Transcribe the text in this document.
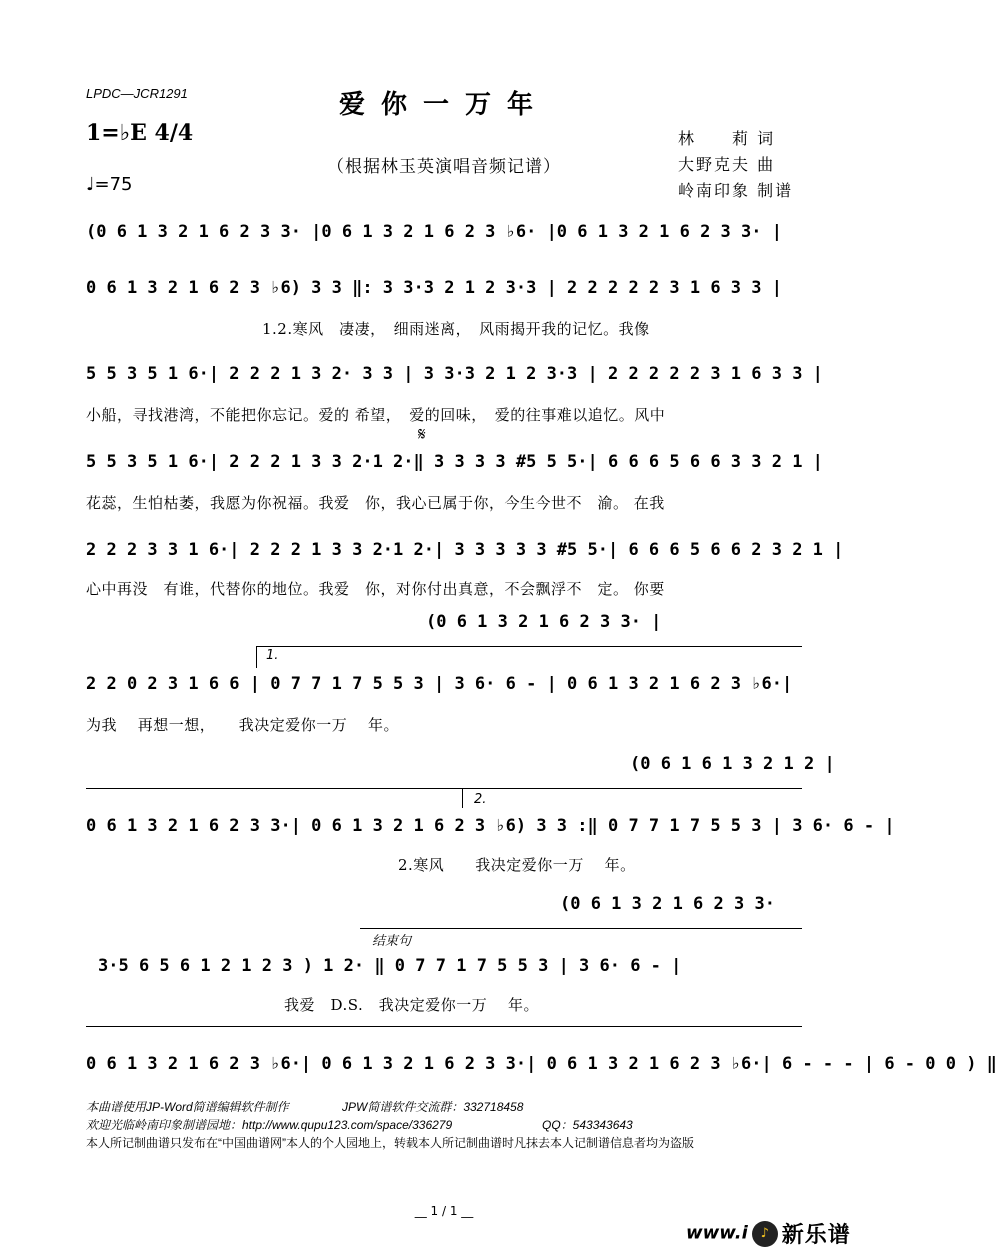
LPDC—JCR1291	爱你一万年
（根据林玉英演唱音频记谱）
1=♭E 4/4
♩=75
林　　莉 词
大野克夫 曲
岭南印象 制谱
(0 6 1 3 2 1 6 2 3 3· |0 6 1 3 2 1 6 2 3 ♭6· |0 6 1 3 2 1 6 2 3 3· |
0 6 1 3 2 1 6 2 3 ♭6) 3 3 ‖: 3 3·3 2 1 2 3·3 | 2 2 2 2 2 3 1 6 3 3 |
1.2.寒风　凄凄，　细雨迷离，　风雨揭开我的记忆。我像
5 5 3 5 1 6·| 2 2 2 1 3 2· 3 3 | 3 3·3 2 1 2 3·3 | 2 2 2 2 2 3 1 6 3 3 |
小船，寻找港湾，不能把你忘记。爱的 希望，　爱的回味，　爱的往事难以追忆。风中
𝄋
5 5 3 5 1 6·| 2 2 2 1 3 3 2·1 2·‖ 3 3 3 3 #5 5 5·| 6 6 6 5 6 6 3 3 2 1 |
花蕊，生怕枯萎，我愿为你祝福。我爱　你，我心已属于你，今生今世不　渝。 在我
2 2 2 3 3 1 6·| 2 2 2 1 3 3 2·1 2·| 3 3 3 3 3 #5 5·| 6 6 6 5 6 6 2 3 2 1 |
心中再没　有谁，代替你的地位。我爱　你，对你付出真意，不会飘浮不　定。 你要
(0 6 1 3 2 1 6 2 3 3· |
1.
2 2 0 2 3 1 6 6 | 0 7 7 1 7 5 5 3 | 3 6· 6 - | 0 6 1 3 2 1 6 2 3 ♭6·|
为我　 再想一想，　　我决定爱你一万　 年。
(0 6 1 6 1 3 2 1 2 |
2.
0 6 1 3 2 1 6 2 3 3·| 0 6 1 3 2 1 6 2 3 ♭6) 3 3 :‖ 0 7 7 1 7 5 5 3 | 3 6· 6 - |
2.寒风　　我决定爱你一万　 年。
(0 6 1 3 2 1 6 2 3 3·
结束句
3·5 6 5 6 1 2 1 2 3 ) 1 2· ‖ 0 7 7 1 7 5 5 3 | 3 6· 6 - |
我爱　D.S.　我决定爱你一万　 年。
0 6 1 3 2 1 6 2 3 ♭6·| 0 6 1 3 2 1 6 2 3 3·| 0 6 1 3 2 1 6 2 3 ♭6·| 6 - - - | 6 - 0 0 ) ‖
本曲谱使用JP-Word简谱编辑软件制作	JPW简谱软件交流群：332718458
欢迎光临岭南印象制谱园地：http://www.qupu123.com/space/336279	QQ：543343643
本人所记制曲谱只发布在“中国曲谱网”本人的个人园地上，转载本人所记制曲谱时凡抹去本人记制谱信息者均为盗版
__ 1 / 1 __
www.i ♪ 新乐谱
